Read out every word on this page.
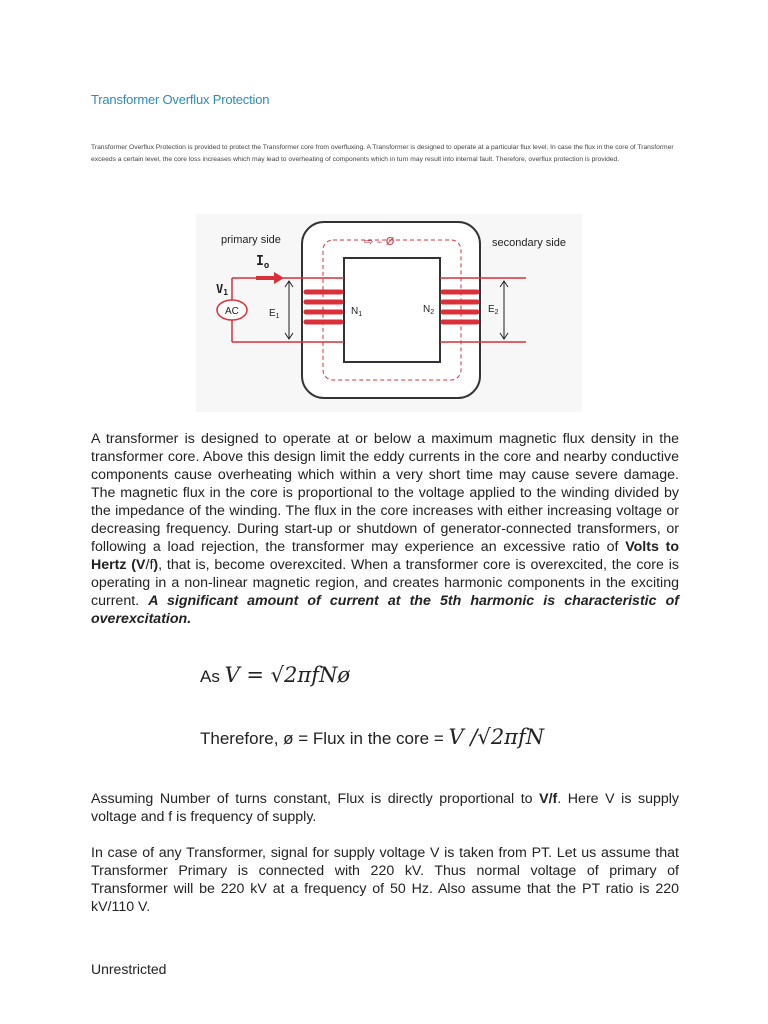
Transformer Overflux Protection
Transformer Overflux Protection is provided to protect the Transformer core from overfluxing. A Transformer is designed to operate at a particular flux level. In case the flux in the core of Transformer exceeds a certain level, the core loss increases which may lead to overheating of components which in turn may result into internal fault. Therefore, overflux protection is provided.
primary side	secondary side
⇨ – Ø
$I_o$
V1
AC	$E_1$	$N_1$	$N_2$	$E_2$
A transformer is designed to operate at or below a maximum magnetic flux density in the transformer core. Above this design limit the eddy currents in the core and nearby conductive components cause overheating which within a very short time may cause severe damage. The magnetic flux in the core is proportional to the voltage applied to the winding divided by the impedance of the winding. The flux in the core increases with either increasing voltage or decreasing frequency. During start-up or shutdown of generator-connected transformers, or following a load rejection, the transformer may experience an excessive ratio of Volts to Hertz (V/f), that is, become overexcited. When a transformer core is overexcited, the core is operating in a non-linear magnetic region, and creates harmonic components in the exciting current. A significant amount of current at the 5th harmonic is characteristic of overexcitation.
As V = √2πfNø
Therefore, ø = Flux in the core = V /√2πfN
Assuming Number of turns constant, Flux is directly proportional to V/f. Here V is supply voltage and f is frequency of supply.
In case of any Transformer, signal for supply voltage V is taken from PT. Let us assume that Transformer Primary is connected with 220 kV. Thus normal voltage of primary of Transformer will be 220 kV at a frequency of 50 Hz. Also assume that the PT ratio is 220 kV/110 V.
Unrestricted
